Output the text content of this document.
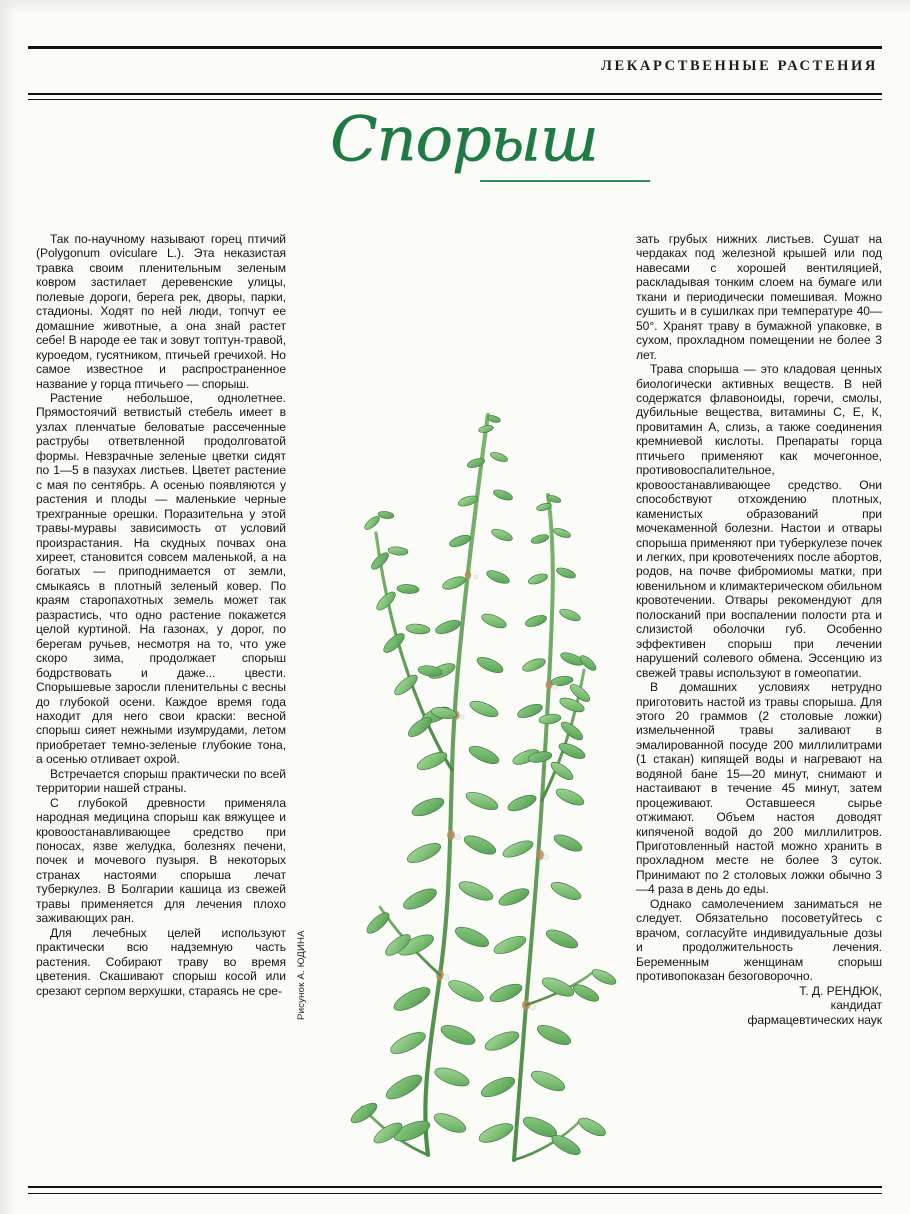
ЛЕКАРСТВЕННЫЕ РАСТЕНИЯ
Спорыш
Рисунок А. ЮДИНА

Так по-научному называют горец птичий (Polygonum oviculare L.). Эта неказистая травка своим пленительным зеленым ковром застилает деревенские улицы, полевые дороги, берега рек, дворы, парки, стадионы. Ходят по ней люди, топчут ее домашние животные, а она знай растет себе! В народе ее так и зовут топтун-травой, куроедом, гусятником, птичьей гречихой. Но самое известное и распространенное название у горца птичьего — спорыш.

Растение небольшое, однолетнее. Прямостоячий ветвистый стебель имеет в узлах пленчатые беловатые рассеченные раструбы ответвленной продолговатой формы. Невзрачные зеленые цветки сидят по 1—5 в пазухах листьев. Цветет растение с мая по сентябрь. А осенью появляются у растения и плоды — маленькие черные трехгранные орешки. Поразительна у этой травы-муравы зависимость от условий произрастания. На скудных почвах она хиреет, становится совсем маленькой, а на богатых — приподнимается от земли, смыкаясь в плотный зеленый ковер. По краям старопахотных земель может так разрастись, что одно растение покажется целой куртиной. На газонах, у дорог, по берегам ручьев, несмотря на то, что уже скоро зима, продолжает спорыш бодрствовать и даже... цвести. Спорышевые заросли пленительны с весны до глубокой осени. Каждое время года находит для него свои краски: весной спорыш сияет нежными изумрудами, летом приобретает темно-зеленые глубокие тона, а осенью отливает охрой.

Встречается спорыш практически по всей территории нашей страны.

С глубокой древности применяла народная медицина спорыш как вяжущее и кровоостанавливающее средство при поносах, язве желудка, болезнях печени, почек и мочевого пузыря. В некоторых странах настоями спорыша лечат туберкулез. В Болгарии кашица из свежей травы применяется для лечения плохо заживающих ран.

Для лечебных целей используют практически всю надземную часть растения. Собирают траву во время цветения. Скашивают спорыш косой или срезают серпом верхушки, стараясь не сре-

зать грубых нижних листьев. Сушат на чердаках под железной крышей или под навесами с хорошей вентиляцией, раскладывая тонким слоем на бумаге или ткани и периодически помешивая. Можно сушить и в сушилках при температуре 40—50°. Хранят траву в бумажной упаковке, в сухом, прохладном помещении не более 3 лет.

Трава спорыша — это кладовая ценных биологически активных веществ. В ней содержатся флавоноиды, горечи, смолы, дубильные вещества, витамины С, Е, К, провитамин А, слизь, а также соединения кремниевой кислоты. Препараты горца птичьего применяют как мочегонное, противовоспалительное, кровоостанавливающее средство. Они способствуют отхождению плотных, каменистых образований при мочекаменной болезни. Настои и отвары спорыша применяют при туберкулезе почек и легких, при кровотечениях после абортов, родов, на почве фибромиомы матки, при ювенильном и климактерическом обильном кровотечении. Отвары рекомендуют для полосканий при воспалении полости рта и слизистой оболочки губ. Особенно эффективен спорыш при лечении нарушений солевого обмена. Эссенцию из свежей травы используют в гомеопатии.

В домашних условиях нетрудно приготовить настой из травы спорыша. Для этого 20 граммов (2 столовые ложки) измельченной травы заливают в эмалированной посуде 200 миллилитрами (1 стакан) кипящей воды и нагревают на водяной бане 15—20 минут, снимают и настаивают в течение 45 минут, затем процеживают. Оставшееся сырье отжимают. Объем настоя доводят кипяченой водой до 200 миллилитров. Приготовленный настой можно хранить в прохладном месте не более 3 суток. Принимают по 2 столовых ложки обычно 3—4 раза в день до еды.

Однако самолечением заниматься не следует. Обязательно посоветуйтесь с врачом, согласуйте индивидуальные дозы и продолжительность лечения. Беременным женщинам спорыш противопоказан безоговорочно.

Т. Д. РЕНДЮК,

кандидат

фармацевтических наук
